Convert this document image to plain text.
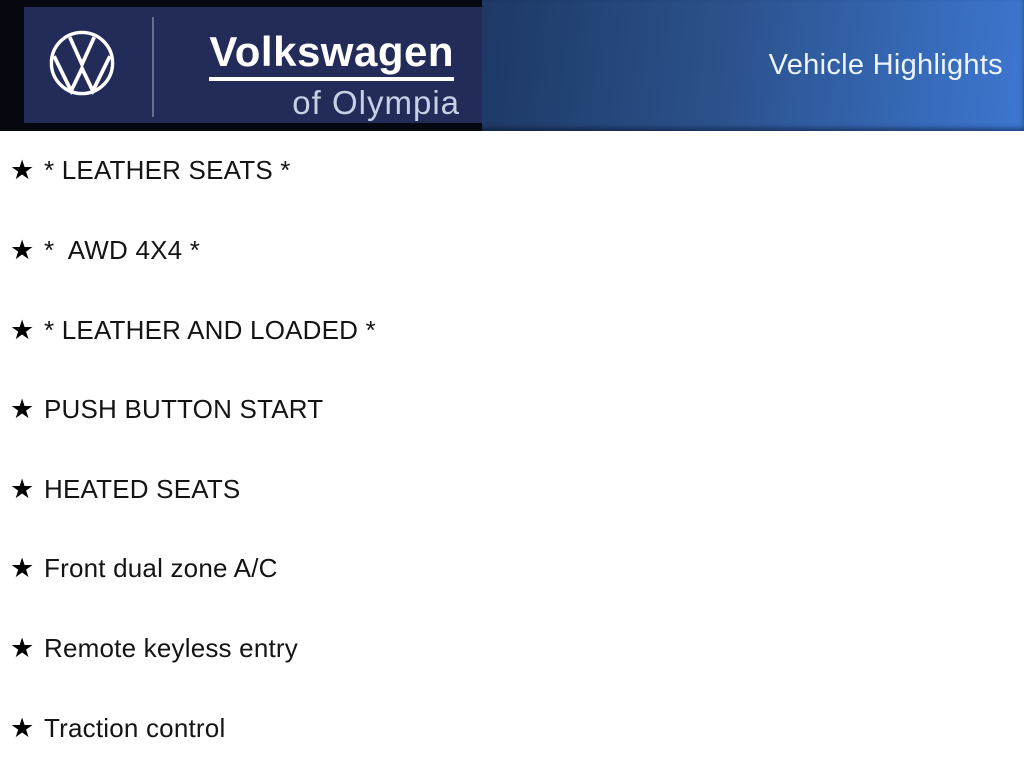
Volkswagen
of Olympia
Vehicle Highlights
★ * LEATHER SEATS *
★ *  AWD 4X4 *
★ * LEATHER AND LOADED *
★ PUSH BUTTON START
★ HEATED SEATS
★ Front dual zone A/C
★ Remote keyless entry
★ Traction control
